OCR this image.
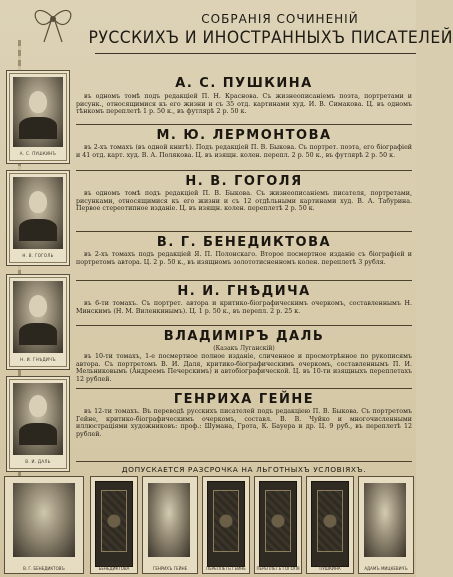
СОБРАНІЯ СОЧИНЕНІЙ
РУССКИХЪ И ИНОСТРАННЫХЪ ПИСАТЕЛЕЙ
А. С. ПУШКИНЪ
Н. В. ГОГОЛЬ
Н. И. ГНѢДИЧЪ
В. И. ДАЛЬ
А. С. ПУШКИНА
въ одномъ томѣ подъ редакціей П. Н. Краснова. Съ жизнеописаніемъ поэта, портретами и рисунк., относящимися къ его жизни и съ 35 отд. картинами худ. И. В. Симакова. Ц. въ одномъ тѣнкомъ переплетѣ 1 р. 50 к., въ футлярѣ 2 р. 50 к.
М. Ю. ЛЕРМОНТОВА
въ 2-хъ томахъ (въ одной книгѣ). Подъ редакціей П. В. Быкова. Съ портрет. поэта, его біографіей и 41 отд. карт. худ. В. А. Полякова. Ц. въ изящн. колен. перепл. 2 р. 50 к., въ футлярѣ 2 р. 50 к.
Н. В. ГОГОЛЯ
въ одномъ томѣ подъ редакціей П. В. Быкова. Съ жизнеописаніемъ писателя, портретами, рисунками, относящимися къ его жизни и съ 12 отдѣльными картинами худ. В. А. Табурина. Первое стереотипное изданіе. Ц. въ изящн. колен. переплетѣ 2 р. 50 к.
В. Г. БЕНЕДИКТОВА
въ 2-хъ томахъ подъ редакціей Я. П. Полонскаго. Второе посмертное изданіе съ біографіей и портретомъ автора. Ц. 2 р. 50 к., въ изящномъ золототисненномъ колен. переплетѣ 3 рубля.
Н. И. ГНѢДИЧА
въ 6-ти томахъ. Съ портрет. автора и критико-біографическимъ очеркомъ, составленнымъ Н. Минскимъ (Н. М. Виленкинымъ). Ц. 1 р. 50 к., въ перепл. 2 р. 25 к.
ВЛАДИМІРЪ ДАЛЬ
(Казакъ Луганскій)
въ 10-ти томахъ, 1-е посмертное полное изданіе, сличенное и просмотрѣнное по рукописямъ автора. Съ портретомъ В. И. Даля, критико-біографическимъ очеркомъ, составленнымъ П. И. Мельниковымъ (Андреемъ Печерскимъ) и автобіографической. Ц. въ 10-ти изящныхъ переплетахъ 12 рублей.
ГЕНРИХА ГЕЙНЕ
въ 12-ти томахъ. Въ переводѣ русскихъ писателей подъ редакціею П. В. Быкова. Съ портретомъ Гейне, критико-біографическимъ очеркомъ, составл. В. В. Чуйко и многочисленными иллюстраціями художниковъ: проф.: Шумана, Грота, К. Бауера и др. Ц. 9 руб., въ переплетѣ 12 рублей.
ДОПУСКАЕТСЯ РАЗСРОЧКА НА ЛЬГОТНЫХЪ УСЛОВІЯХЪ.
В. Г. БЕНЕДИКТОВЪ
ПЕРЕПЛЕТЪ БЕНЕДИКТОВА	ГЕНРИХЪ ГЕЙНЕ	ПЕРЕПЛЕТЪ ГЕЙНЕ	ПЕРЕПЛЕТЪ ГОГОЛЯ
ПЕРЕПЛЕТЪ ПУШКИНА	АДАМЪ МИЦКЕВИЧЪ
